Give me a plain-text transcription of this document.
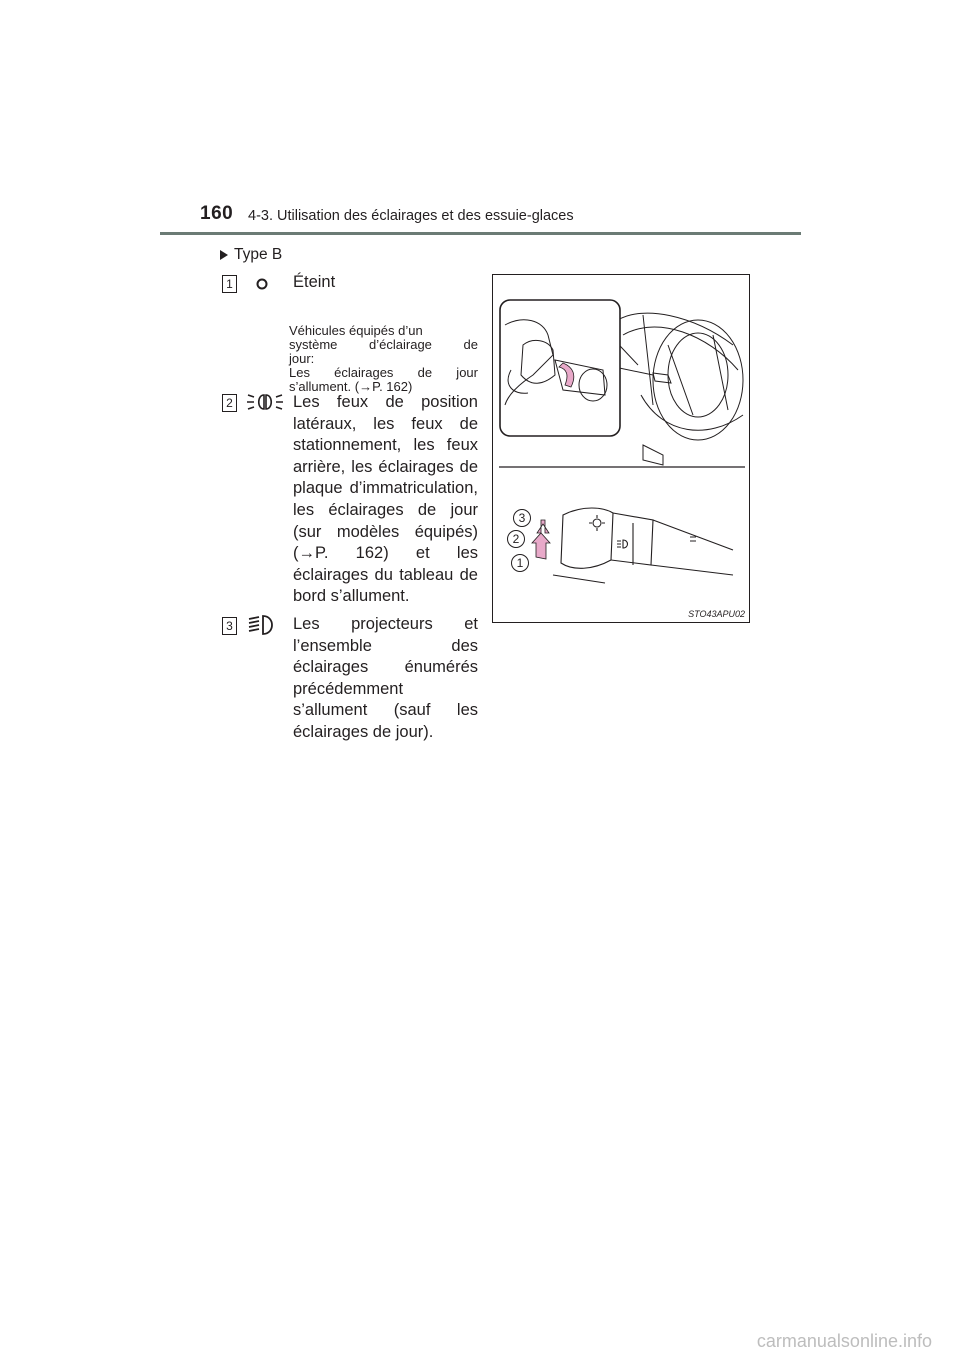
160 4-3. Utilisation des éclairages et des essuie-glaces
Type B
1	Éteint
Véhicules équipés d’un
système d’éclairage de
jour:
Les éclairages de jour
s’allument. (→P. 162)
2	Les feux de position
latéraux, les feux de
stationnement, les feux
arrière, les éclairages de
plaque d’immatriculation,
les éclairages de jour
(sur modèles équipés)
(→P. 162) et les
éclairages du tableau de
bord s’allument.
3	Les projecteurs et
l’ensemble des
éclairages énumérés
précédemment
s’allument (sauf les
éclairages de jour).
3
2
1
STO43APU02
carmanualsonline.info
